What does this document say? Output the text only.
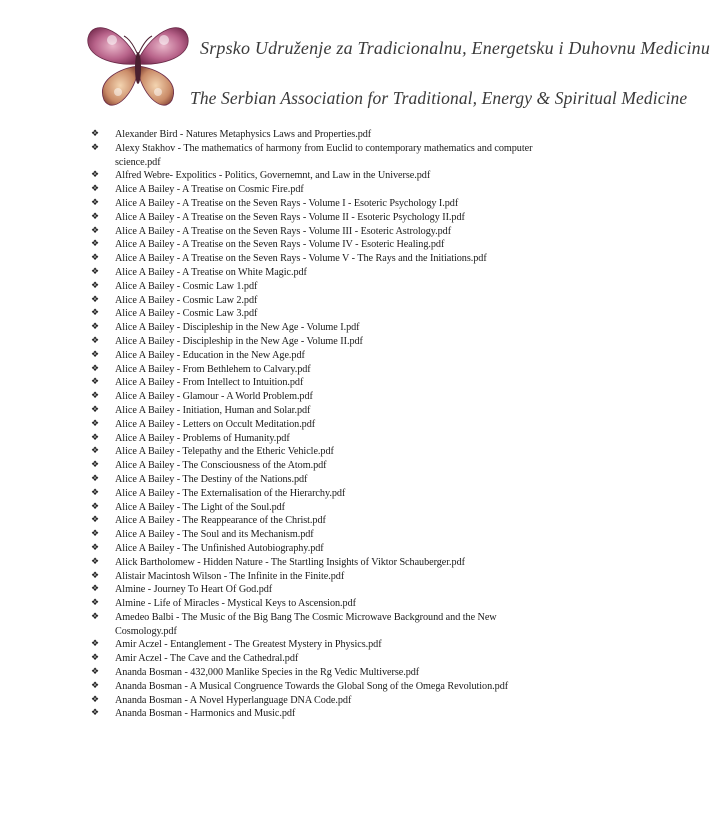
Srpsko Udruženje za Tradicionalnu, Energetsku i Duhovnu Medicinu
The Serbian Association for Traditional, Energy & Spiritual Medicine
❖ Alexander Bird - Natures Metaphysics Laws and Properties.pdf
❖ Alexy Stakhov - The mathematics of harmony from Euclid to contemporary mathematics and computer science.pdf
❖ Alfred Webre- Expolitics - Politics, Governemnt, and Law in the Universe.pdf
❖ Alice A Bailey - A Treatise on Cosmic Fire.pdf
❖ Alice A Bailey - A Treatise on the Seven Rays - Volume I - Esoteric Psychology I.pdf
❖ Alice A Bailey - A Treatise on the Seven Rays - Volume II - Esoteric Psychology II.pdf
❖ Alice A Bailey - A Treatise on the Seven Rays - Volume III - Esoteric Astrology.pdf
❖ Alice A Bailey - A Treatise on the Seven Rays - Volume IV - Esoteric Healing.pdf
❖ Alice A Bailey - A Treatise on the Seven Rays - Volume V - The Rays and the Initiations.pdf
❖ Alice A Bailey - A Treatise on White Magic.pdf
❖ Alice A Bailey - Cosmic Law 1.pdf
❖ Alice A Bailey - Cosmic Law 2.pdf
❖ Alice A Bailey - Cosmic Law 3.pdf
❖ Alice A Bailey - Discipleship in the New Age - Volume I.pdf
❖ Alice A Bailey - Discipleship in the New Age - Volume II.pdf
❖ Alice A Bailey - Education in the New Age.pdf
❖ Alice A Bailey - From Bethlehem to Calvary.pdf
❖ Alice A Bailey - From Intellect to Intuition.pdf
❖ Alice A Bailey - Glamour - A World Problem.pdf
❖ Alice A Bailey - Initiation, Human and Solar.pdf
❖ Alice A Bailey - Letters on Occult Meditation.pdf
❖ Alice A Bailey - Problems of Humanity.pdf
❖ Alice A Bailey - Telepathy and the Etheric Vehicle.pdf
❖ Alice A Bailey - The Consciousness of the Atom.pdf
❖ Alice A Bailey - The Destiny of the Nations.pdf
❖ Alice A Bailey - The Externalisation of the Hierarchy.pdf
❖ Alice A Bailey - The Light of the Soul.pdf
❖ Alice A Bailey - The Reappearance of the Christ.pdf
❖ Alice A Bailey - The Soul and its Mechanism.pdf
❖ Alice A Bailey - The Unfinished Autobiography.pdf
❖ Alick Bartholomew - Hidden Nature - The Startling Insights of Viktor Schauberger.pdf
❖ Alistair Macintosh Wilson - The Infinite in the Finite.pdf
❖ Almine - Journey To Heart Of God.pdf
❖ Almine - Life of Miracles - Mystical Keys to Ascension.pdf
❖ Amedeo Balbi - The Music of the Big Bang The Cosmic Microwave Background and the New Cosmology.pdf
❖ Amir Aczel - Entanglement - The Greatest Mystery in Physics.pdf
❖ Amir Aczel - The Cave and the Cathedral.pdf
❖ Ananda Bosman - 432,000 Manlike Species in the Rg Vedic Multiverse.pdf
❖ Ananda Bosman - A Musical Congruence Towards the Global Song of the Omega Revolution.pdf
❖ Ananda Bosman - A Novel Hyperlanguage DNA Code.pdf
❖ Ananda Bosman - Harmonics and Music.pdf
